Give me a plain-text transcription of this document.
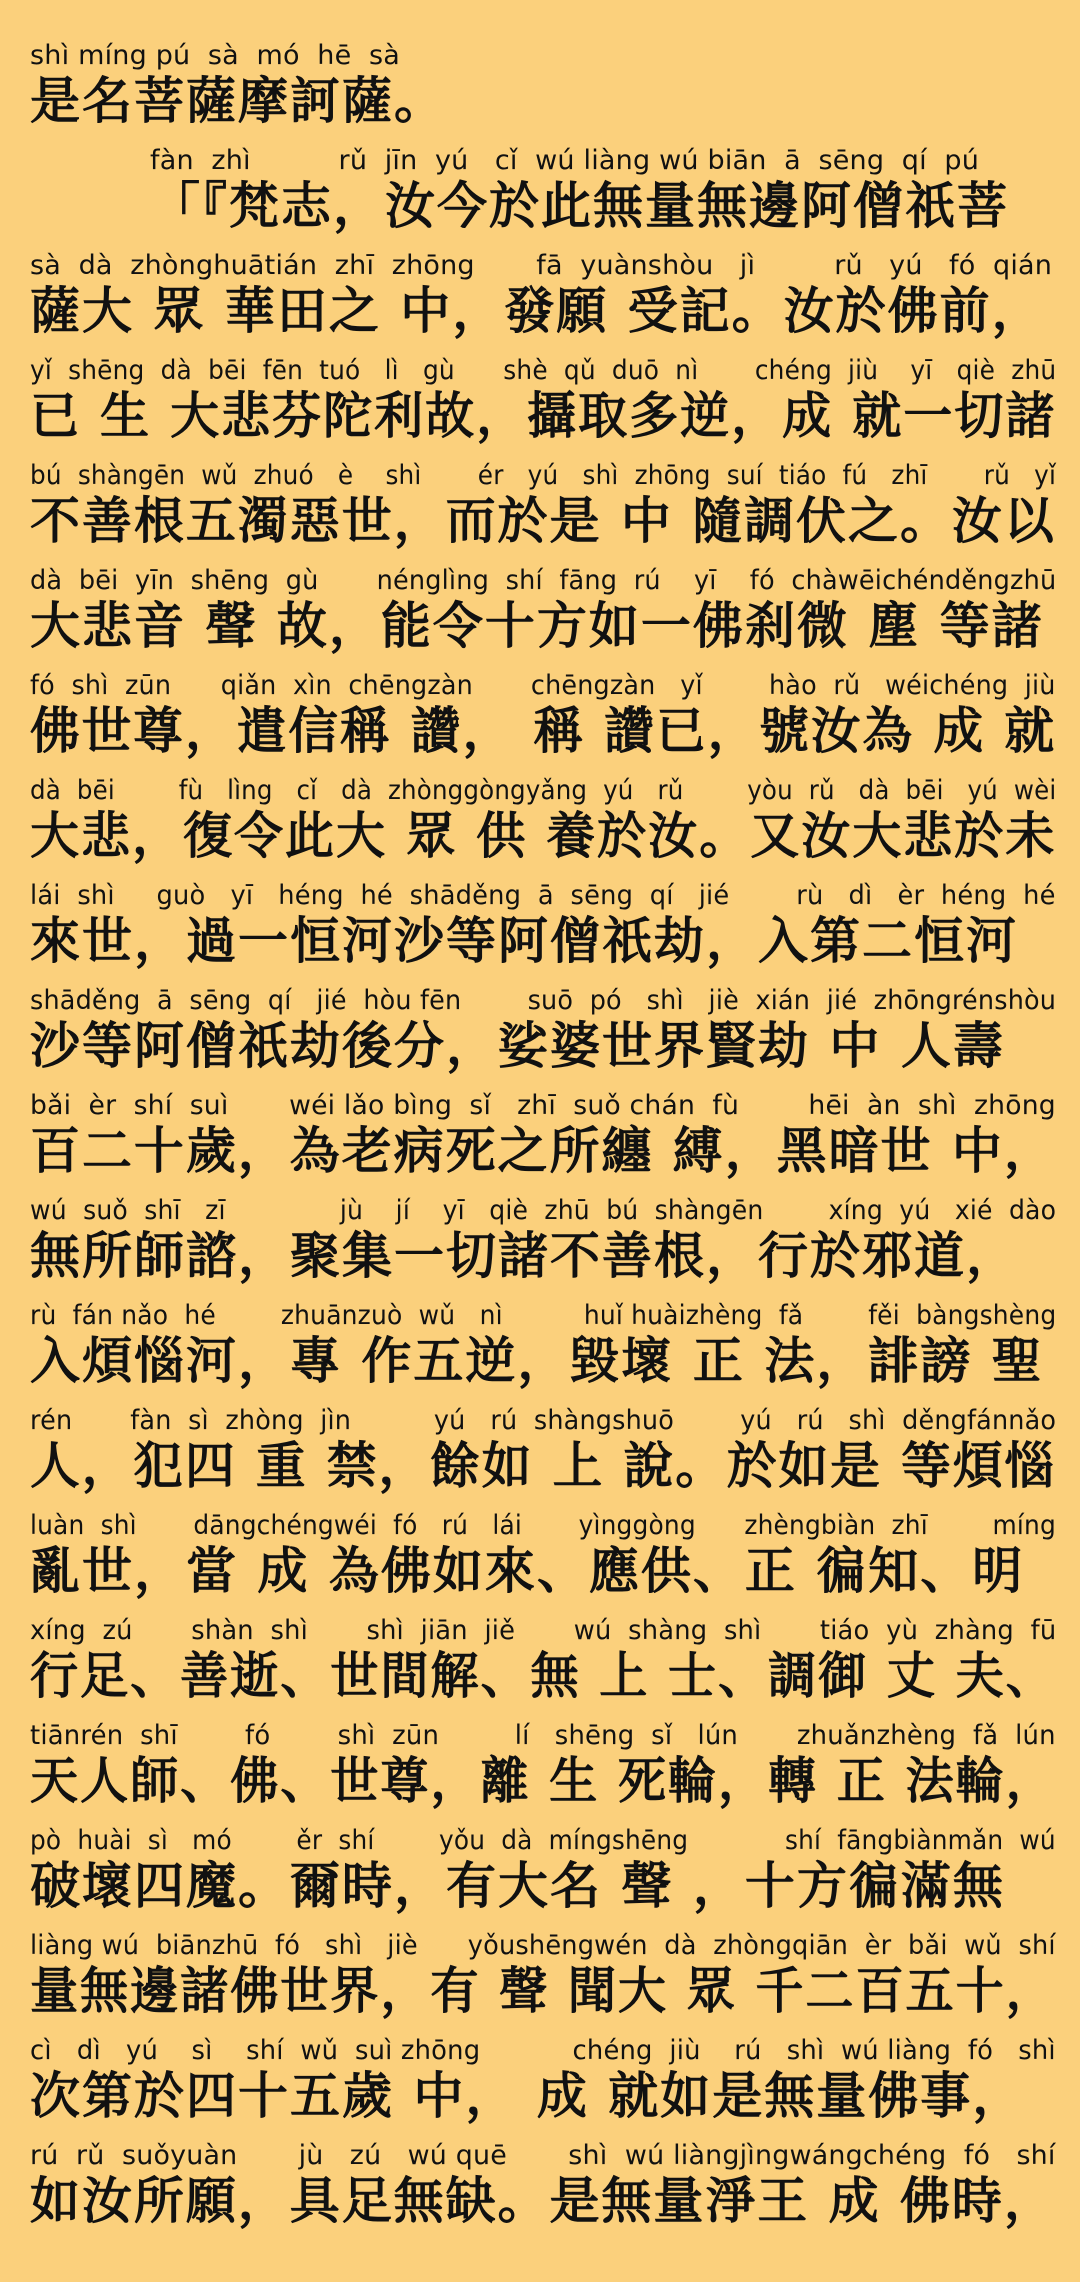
shì míng pú  sà  mó  hē  sà
是名菩薩摩訶薩。
fàn  zhì          rǔ  jīn  yú   cǐ  wú liàng wú biān  ā  sēng  qí  pú
「『梵志，汝今於此無量無邊阿僧祇菩
sà  dà  zhònghuātián  zhī  zhōng       fā  yuànshòu   jì         rǔ   yú   fó  qián
薩大 眾 華田之 中，發願 受記。汝於佛前，
yǐ  shēng  dà  bēi  fēn  tuó   lì   gù      shè  qǔ  duō  nì       chéng  jiù    yī   qiè  zhū
已 生 大悲芬陀利故，攝取多逆，成 就一切諸
bú  shàngēn  wǔ  zhuó   è    shì       ér   yú   shì  zhōng  suí  tiáo  fú   zhī       rǔ   yǐ
不善根五濁惡世，而於是 中 隨調伏之。汝以
dà  bēi  yīn  shēng  gù       nénglìng  shí  fāng  rú    yī    fó  chàwēichénděngzhū
大悲音 聲 故，能令十方如一佛刹微 塵 等諸
fó  shì  zūn      qiǎn  xìn  chēngzàn       chēngzàn   yǐ        hào  rǔ   wéichéng  jiù
佛世尊，遣信稱 讚， 稱 讚已，號汝為 成 就
dà  bēi        fù   lìng   cǐ   dà  zhònggòngyǎng  yú   rǔ        yòu  rǔ   dà  bēi   yú  wèi
大悲，復令此大 眾 供 養於汝。又汝大悲於未
lái  shì     guò   yī   héng  hé  shāděng  ā  sēng  qí   jié        rù   dì   èr  héng  hé
來世，過一恒河沙等阿僧祇劫，入第二恒河
shāděng  ā  sēng  qí   jié  hòu fēn        suō  pó   shì   jiè  xián  jié  zhōngrénshòu
沙等阿僧祇劫後分，娑婆世界賢劫 中 人壽
bǎi  èr  shí  suì       wéi lǎo bìng  sǐ   zhī  suǒ chán  fù        hēi  àn  shì  zhōng
百二十歲，為老病死之所纏 縛，黑暗世 中，
wú  suǒ  shī   zī              jù    jí    yī   qiè  zhū  bú  shàngēn        xíng  yú   xié  dào
無所師諮，聚集一切諸不善根，行於邪道，
rù  fán nǎo  hé        zhuānzuò  wǔ   nì          huǐ huàizhèng  fǎ        fěi  bàngshèng
入煩惱河，專 作五逆，毀壞 正 法，誹謗 聖
rén       fàn  sì  zhòng  jìn          yú   rú  shàngshuō        yú   rú   shì  děngfánnǎo
人，犯四 重 禁，餘如 上 說。於如是 等煩惱
luàn  shì       dāngchéngwéi  fó   rú   lái       yìnggòng      zhèngbiàn  zhī        míng
亂世，當 成 為佛如來、應供、正 徧知、明
xíng  zú       shàn  shì       shì  jiān  jiě       wú  shàng  shì       tiáo  yù  zhàng  fū
行足、善逝、世間解、無 上 士、調御 丈 夫、
tiānrén  shī        fó        shì  zūn         lí   shēng  sǐ   lún       zhuǎnzhèng  fǎ  lún
天人師、佛、世尊，離 生 死輪，轉 正 法輪，
pò  huài  sì   mó        ěr  shí        yǒu  dà  míngshēng            shí  fāngbiànmǎn  wú
破壞四魔。爾時，有大名 聲 ，十方徧滿無
liàng wú  biānzhū  fó   shì   jiè      yǒushēngwén  dà  zhòngqiān  èr  bǎi  wǔ  shí
量無邊諸佛世界，有 聲 聞大 眾 千二百五十，
cì   dì   yú    sì    shí  wǔ  suì zhōng           chéng  jiù    rú   shì  wú liàng  fó   shì
次第於四十五歲 中， 成 就如是無量佛事，
rú  rǔ  suǒyuàn       jù   zú   wú quē       shì  wú liàngjìngwángchéng  fó   shí
如汝所願，具足無缺。是無量淨王 成 佛時，
